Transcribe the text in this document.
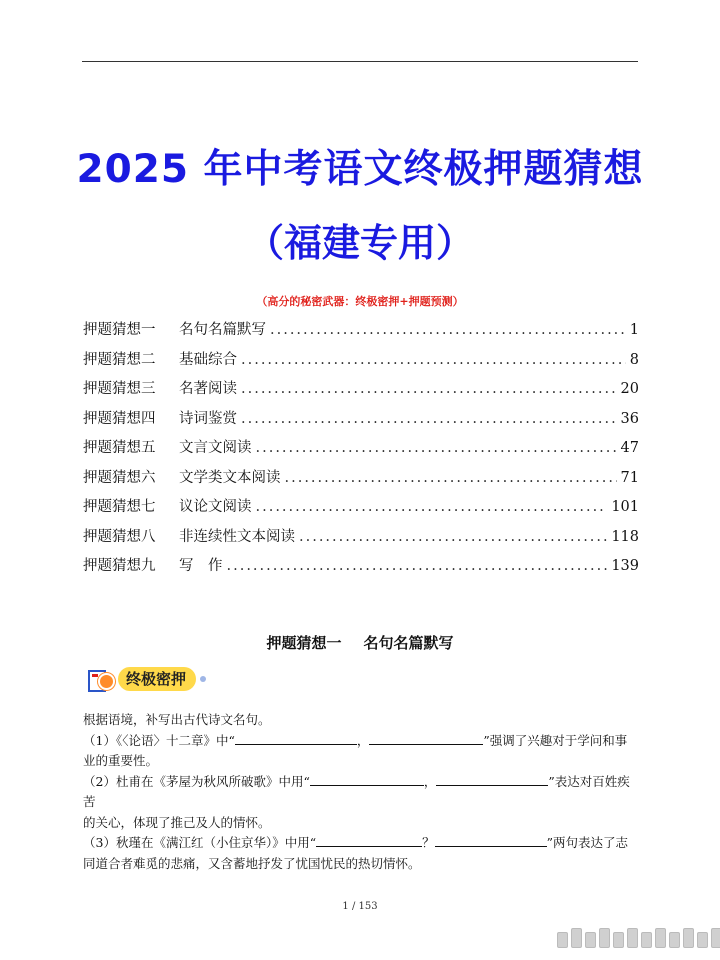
2025 年中考语文终极押题猜想
（福建专用）
（高分的秘密武器：终极密押+押题预测）
押题猜想一	名句名篇默写 .....	1
押题猜想二	基础综合 .....	8
押题猜想三	名著阅读 .....	20
押题猜想四	诗词鉴赏 .....	36
押题猜想五	文言文阅读 .....	47
押题猜想六	文学类文本阅读 .....	71
押题猜想七	议论文阅读 .....	101
押题猜想八	非连续性文本阅读 .....	118
押题猜想九	写　作 .....	139
押题猜想一 名句名篇默写
终极密押

根据语境，补写出古代诗文名句。

（1）《〈论语〉十二章》中“	，	”强调了兴趣对于学问和事

业的重要性。

（2）杜甫在《茅屋为秋风所破歌》中用“	，	”表达对百姓疾苦

的关心，体现了推己及人的情怀。

（3）秋瑾在《满江红（小住京华）》中用“	？	”两句表达了志

同道合者难觅的悲痛，又含蓄地抒发了忧国忧民的热切情怀。

1 / 153
